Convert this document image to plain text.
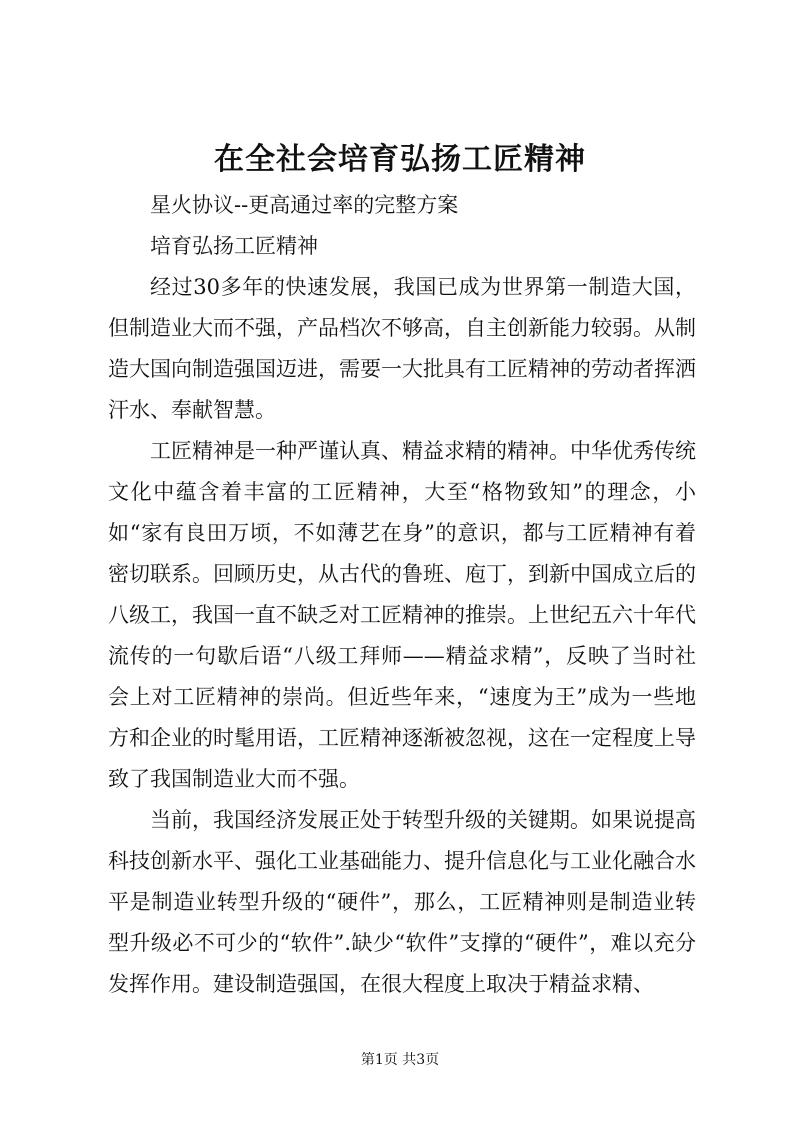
在全社会培育弘扬工匠精神

星火协议--更高通过率的完整方案

培育弘扬工匠精神

经过30多年的快速发展，我国已成为世界第一制造大国，但制造业大而不强，产品档次不够高，自主创新能力较弱。从制造大国向制造强国迈进，需要一大批具有工匠精神的劳动者挥洒汗水、奉献智慧。

工匠精神是一种严谨认真、精益求精的精神。中华优秀传统文化中蕴含着丰富的工匠精神，大至“格物致知”的理念，小如“家有良田万顷，不如薄艺在身”的意识，都与工匠精神有着密切联系。回顾历史，从古代的鲁班、庖丁，到新中国成立后的八级工，我国一直不缺乏对工匠精神的推崇。上世纪五六十年代流传的一句歇后语“八级工拜师——精益求精”，反映了当时社会上对工匠精神的崇尚。但近些年来，“速度为王”成为一些地方和企业的时髦用语，工匠精神逐渐被忽视，这在一定程度上导致了我国制造业大而不强。

当前，我国经济发展正处于转型升级的关键期。如果说提高科技创新水平、强化工业基础能力、提升信息化与工业化融合水平是制造业转型升级的“硬件”，那么，工匠精神则是制造业转型升级必不可少的“软件”.缺少“软件”支撑的“硬件”，难以充分发挥作用。建设制造强国，在很大程度上取决于精益求精、

第1页 共3页
